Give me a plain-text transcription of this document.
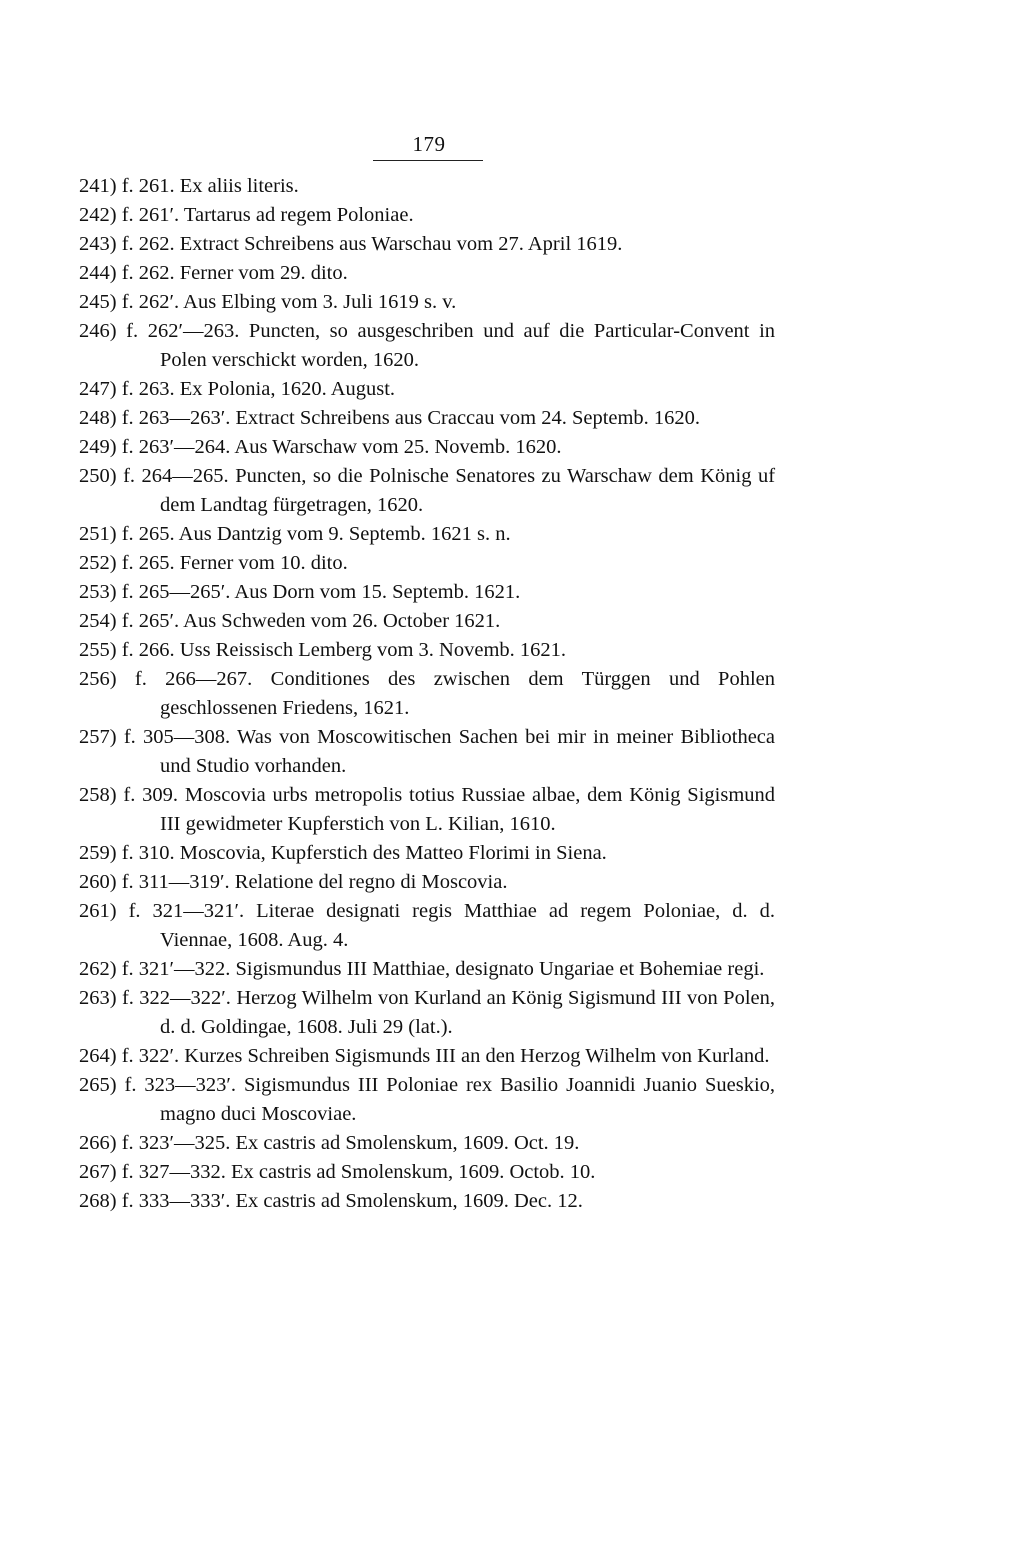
179
241) f. 261. Ex aliis literis.
242) f. 261′. Tartarus ad regem Poloniae.
243) f. 262. Extract Schreibens aus Warschau vom 27. April 1619.
244) f. 262. Ferner vom 29. dito.
245) f. 262′. Aus Elbing vom 3. Juli 1619 s. v.
246) f. 262′—263. Puncten, so ausgeschriben und auf die Particular-Convent in Polen verschickt worden, 1620.
247) f. 263. Ex Polonia, 1620. August.
248) f. 263—263′. Extract Schreibens aus Craccau vom 24. Septemb. 1620.
249) f. 263′—264. Aus Warschaw vom 25. Novemb. 1620.
250) f. 264—265. Puncten, so die Polnische Senatores zu Warschaw dem König uf dem Landtag fürgetragen, 1620.
251) f. 265. Aus Dantzig vom 9. Septemb. 1621 s. n.
252) f. 265. Ferner vom 10. dito.
253) f. 265—265′. Aus Dorn vom 15. Septemb. 1621.
254) f. 265′. Aus Schweden vom 26. October 1621.
255) f. 266. Uss Reissisch Lemberg vom 3. Novemb. 1621.
256) f. 266—267. Conditiones des zwischen dem Türggen und Pohlen geschlossenen Friedens, 1621.
257) f. 305—308. Was von Moscowitischen Sachen bei mir in meiner Bibliotheca und Studio vorhanden.
258) f. 309. Moscovia urbs metropolis totius Russiae albae, dem König Sigismund III gewidmeter Kupferstich von L. Kilian, 1610.
259) f. 310. Moscovia, Kupferstich des Matteo Florimi in Siena.
260) f. 311—319′. Relatione del regno di Moscovia.
261) f. 321—321′. Literae designati regis Matthiae ad regem Poloniae, d. d. Viennae, 1608. Aug. 4.
262) f. 321′—322. Sigismundus III Matthiae, designato Ungariae et Bohemiae regi.
263) f. 322—322′. Herzog Wilhelm von Kurland an König Sigismund III von Polen, d. d. Goldingae, 1608. Juli 29 (lat.).
264) f. 322′. Kurzes Schreiben Sigismunds III an den Herzog Wilhelm von Kurland.
265) f. 323—323′. Sigismundus III Poloniae rex Basilio Joannidi Juanio Sueskio, magno duci Moscoviae.
266) f. 323′—325. Ex castris ad Smolenskum, 1609. Oct. 19.
267) f. 327—332. Ex castris ad Smolenskum, 1609. Octob. 10.
268) f. 333—333′. Ex castris ad Smolenskum, 1609. Dec. 12.
